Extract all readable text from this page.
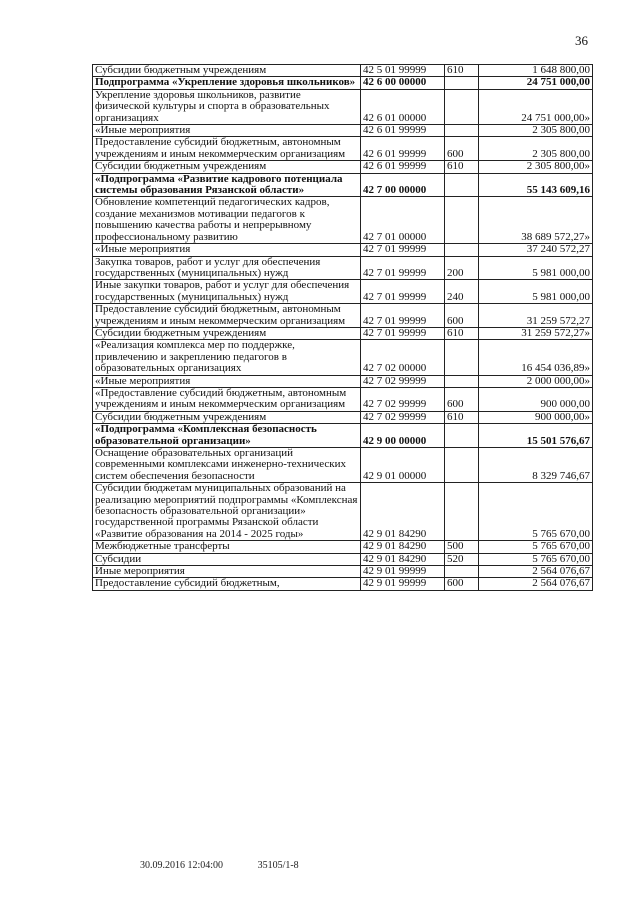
36
Субсидии бюджетным учреждениям	42 5 01 99999	610	1 648 800,00
Подпрограмма «Укрепление здоровья школьников»	42 6 00 00000		24 751 000,00
Укрепление здоровья школьников, развитие физической культуры и спорта в образовательных организациях	42 6 01 00000		24 751 000,00»
«Иные мероприятия	42 6 01 99999		2 305 800,00
Предоставление субсидий бюджетным, автономным учреждениям и иным некоммерческим организациям	42 6 01 99999	600	2 305 800,00
Субсидии бюджетным учреждениям	42 6 01 99999	610	2 305 800,00»
«Подпрограмма «Развитие кадрового потенциала системы образования Рязанской области»	42 7 00 00000		55 143 609,16
Обновление компетенций педагогических кадров, создание механизмов мотивации педагогов к повышению качества работы и непрерывному профессиональному развитию	42 7 01 00000		38 689 572,27»
«Иные мероприятия	42 7 01 99999		37 240 572,27
Закупка товаров, работ и услуг для обеспечения государственных (муниципальных) нужд	42 7 01 99999	200	5 981 000,00
Иные закупки товаров, работ и услуг для обеспечения государственных (муниципальных) нужд	42 7 01 99999	240	5 981 000,00
Предоставление субсидий бюджетным, автономным учреждениям и иным некоммерческим организациям	42 7 01 99999	600	31 259 572,27
Субсидии бюджетным учреждениям	42 7 01 99999	610	31 259 572,27»
«Реализация комплекса мер по поддержке, привлечению и закреплению педагогов в образовательных организациях	42 7 02 00000		16 454 036,89»
«Иные мероприятия	42 7 02 99999		2 000 000,00»
«Предоставление субсидий бюджетным, автономным учреждениям и иным некоммерческим организациям	42 7 02 99999	600	900 000,00
Субсидии бюджетным учреждениям	42 7 02 99999	610	900 000,00»
«Подпрограмма «Комплексная безопасность образовательной организации»	42 9 00 00000		15 501 576,67
Оснащение образовательных организаций современными комплексами инженерно-технических систем обеспечения безопасности	42 9 01 00000		8 329 746,67
Субсидии бюджетам муниципальных образований на реализацию мероприятий подпрограммы «Комплексная безопасность образовательной организации» государственной программы Рязанской области «Развитие образования на 2014 - 2025 годы»	42 9 01 84290		5 765 670,00
Межбюджетные трансферты	42 9 01 84290	500	5 765 670,00
Субсидии	42 9 01 84290	520	5 765 670,00
Иные мероприятия	42 9 01 99999		2 564 076,67
Предоставление субсидий бюджетным,	42 9 01 99999	600	2 564 076,67
30.09.2016 12:04:00	35105/1-8
